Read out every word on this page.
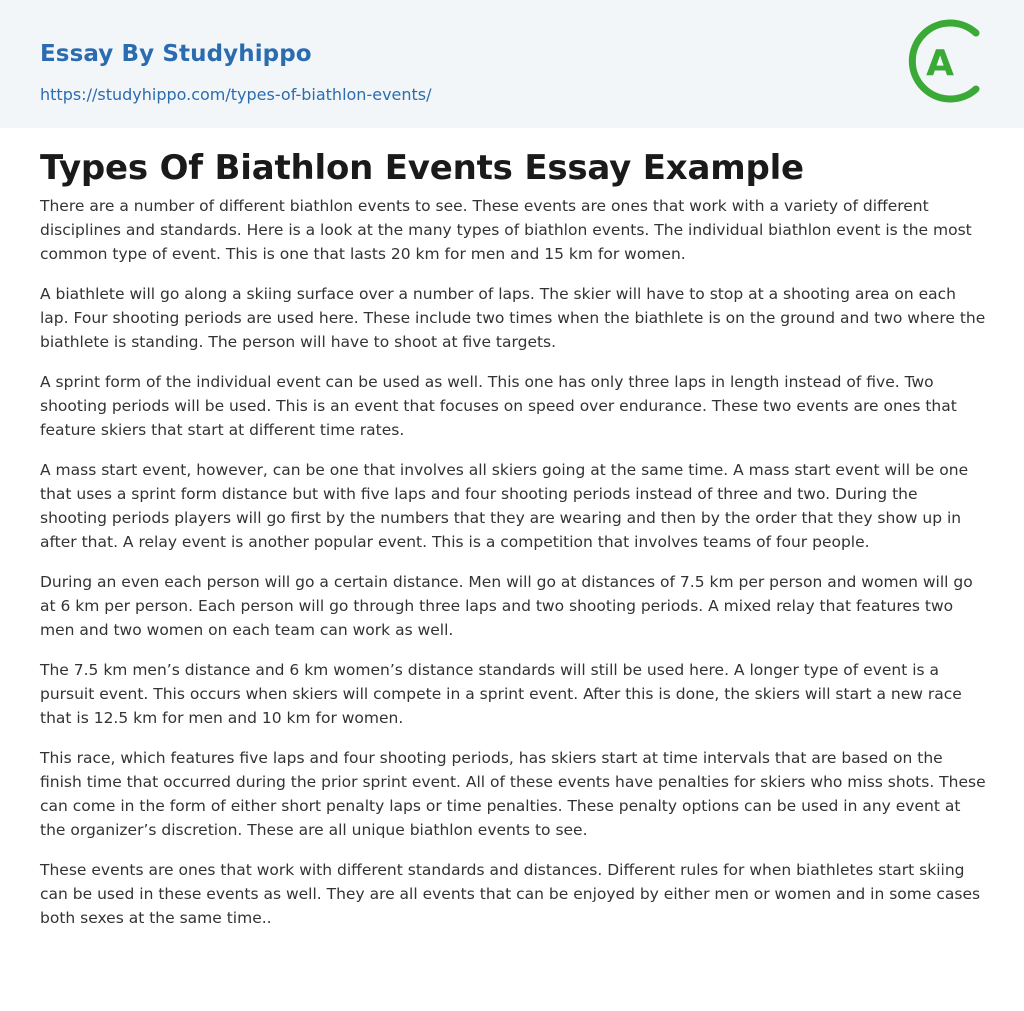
Essay By Studyhippo
https://studyhippo.com/types-of-biathlon-events/
A
Types Of Biathlon Events Essay Example

There are a number of different biathlon events to see. These events are ones that work with a variety of different disciplines and standards. Here is a look at the many types of biathlon events. The individual biathlon event is the most common type of event. This is one that lasts 20 km for men and 15 km for women.

A biathlete will go along a skiing surface over a number of laps. The skier will have to stop at a shooting area on each lap. Four shooting periods are used here. These include two times when the biathlete is on the ground and two where the biathlete is standing. The person will have to shoot at five targets.

A sprint form of the individual event can be used as well. This one has only three laps in length instead of five. Two shooting periods will be used. This is an event that focuses on speed over endurance. These two events are ones that feature skiers that start at different time rates.

A mass start event, however, can be one that involves all skiers going at the same time. A mass start event will be one that uses a sprint form distance but with five laps and four shooting periods instead of three and two. During the shooting periods players will go first by the numbers that they are wearing and then by the order that they show up in after that. A relay event is another popular event. This is a competition that involves teams of four people.

During an even each person will go a certain distance. Men will go at distances of 7.5 km per person and women will go at 6 km per person. Each person will go through three laps and two shooting periods. A mixed relay that features two men and two women on each team can work as well.

The 7.5 km men’s distance and 6 km women’s distance standards will still be used here. A longer type of event is a pursuit event. This occurs when skiers will compete in a sprint event. After this is done, the skiers will start a new race that is 12.5 km for men and 10 km for women.

This race, which features five laps and four shooting periods, has skiers start at time intervals that are based on the finish time that occurred during the prior sprint event. All of these events have penalties for skiers who miss shots. These can come in the form of either short penalty laps or time penalties. These penalty options can be used in any event at the organizer’s discretion. These are all unique biathlon events to see.

These events are ones that work with different standards and distances. Different rules for when biathletes start skiing can be used in these events as well. They are all events that can be enjoyed by either men or women and in some cases both sexes at the same time..
